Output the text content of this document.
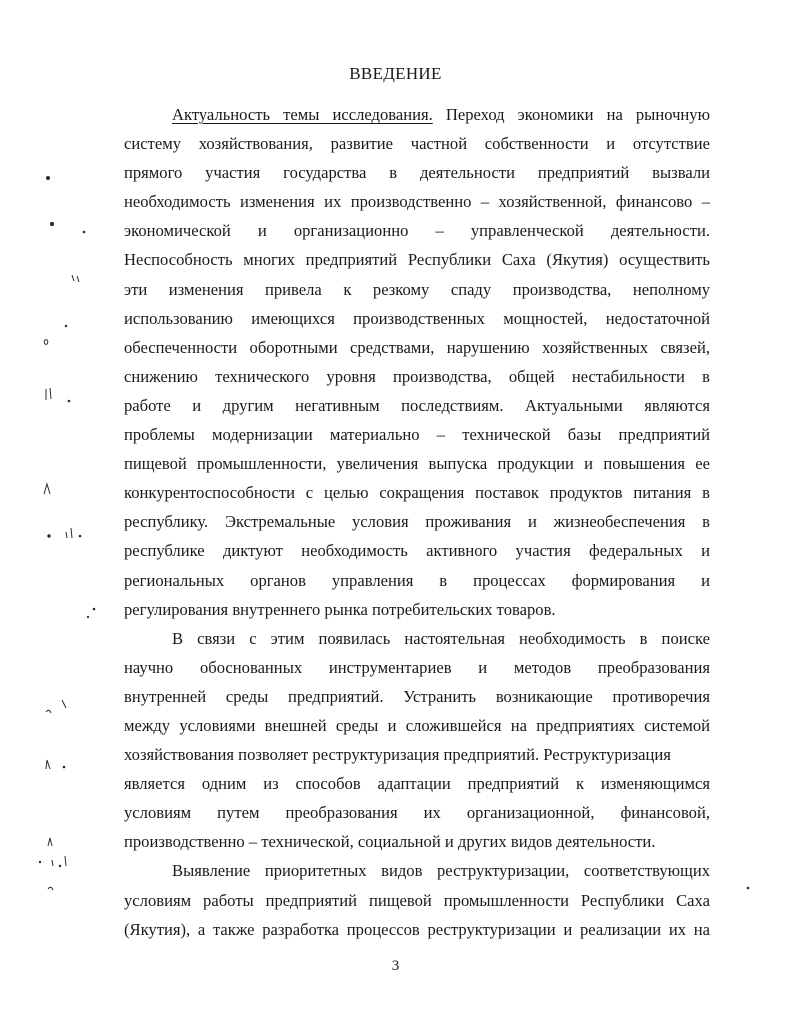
ВВЕДЕНИЕ
Актуальность темы исследования. Переход экономики на рыночную
систему хозяйствования, развитие частной собственности и отсутствие
прямого участия государства в деятельности предприятий вызвали
необходимость изменения их производственно – хозяйственной, финансово –
экономической и организационно – управленческой деятельности.
Неспособность многих предприятий Республики Саха (Якутия) осуществить
эти изменения привела к резкому спаду производства, неполному
использованию имеющихся производственных мощностей, недостаточной
обеспеченности оборотными средствами, нарушению хозяйственных связей,
снижению технического уровня производства, общей нестабильности в
работе и другим негативным последствиям. Актуальными являются
проблемы модернизации материально – технической базы предприятий
пищевой промышленности, увеличения выпуска продукции и повышения ее
конкурентоспособности с целью сокращения поставок продуктов питания в
республику. Экстремальные условия проживания и жизнеобеспечения в
республике диктуют необходимость активного участия федеральных и
региональных органов управления в процессах формирования и
регулирования внутреннего рынка потребительских товаров.
В связи с этим появилась настоятельная необходимость в поиске
научно обоснованных инструментариев и методов преобразования
внутренней среды предприятий. Устранить возникающие противоречия
между условиями внешней среды и сложившейся на предприятиях системой
хозяйствования позволяет реструктуризация предприятий. Реструктуризация
является одним из способов адаптации предприятий к изменяющимся
условиям путем преобразования их организационной, финансовой,
производственно – технической, социальной и других видов деятельности.
Выявление приоритетных видов реструктуризации, соответствующих
условиям работы предприятий пищевой промышленности Республики Саха
(Якутия), а также разработка процессов реструктуризации и реализации их на
3
